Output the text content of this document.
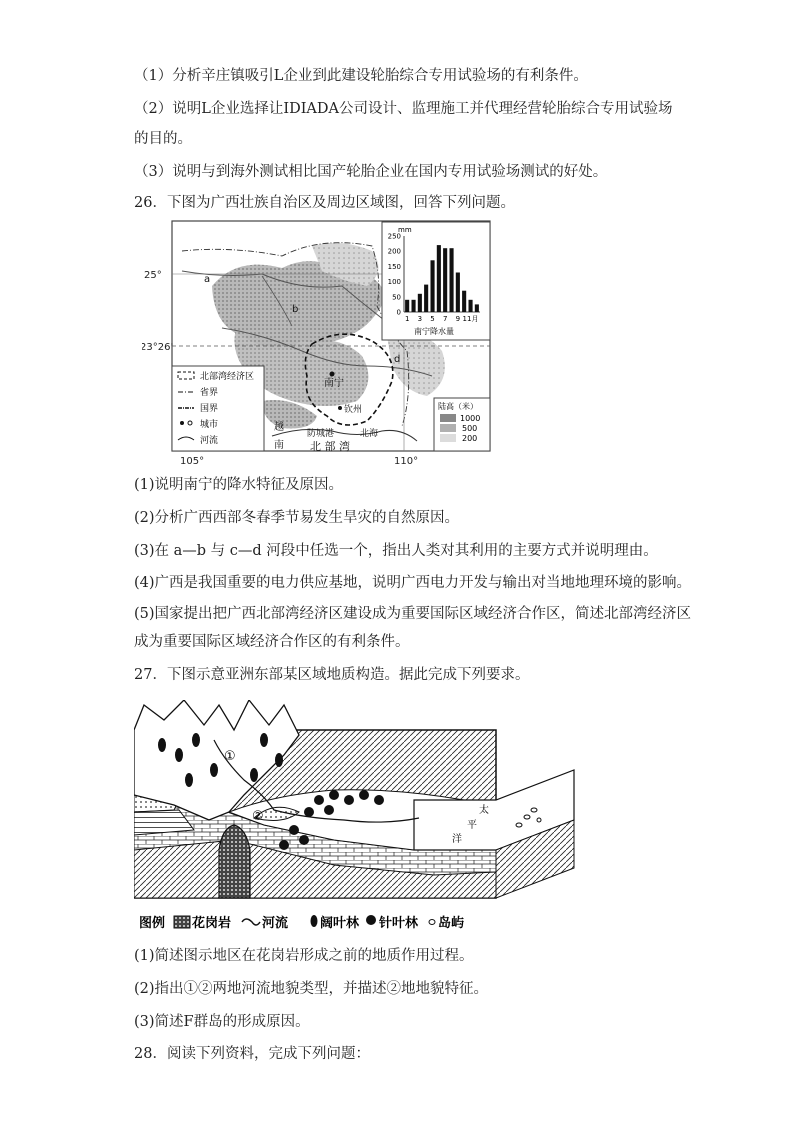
（1）分析辛庄镇吸引L企业到此建设轮胎综合专用试验场的有利条件。
（2）说明L企业选择让IDIADA公司设计、监理施工并代理经营轮胎综合专用试验场
的目的。
（3）说明与到海外测试相比国产轮胎企业在国内专用试验场测试的好处。
26．下图为广西壮族自治区及周边区域图，回答下列问题。
25°
23°26'
105°	110°
a
b
d
南宁
钦州
防城港	北海
越
南 北 部 湾
北部湾经济区
省界
国界
城市
河流
陆高（米）
1000
500
200
mm
250
200
150
100
50
0
1 3 5 7 9 11月
南宁降水量
(1)说明南宁的降水特征及原因。
(2)分析广西西部冬春季节易发生旱灾的自然原因。
(3)在 a—b 与 c—d 河段中任选一个，指出人类对其利用的主要方式并说明理由。
(4)广西是我国重要的电力供应基地，说明广西电力开发与输出对当地地理环境的影响。
(5)国家提出把广西北部湾经济区建设成为重要国际区域经济合作区，简述北部湾经济区
成为重要国际区域经济合作区的有利条件。
27．下图示意亚洲东部某区域地质构造。据此完成下列要求。
①
②	太
平
洋
图例 花岗岩 河流 阔叶林 针叶林 岛屿
(1)简述图示地区在花岗岩形成之前的地质作用过程。
(2)指出①②两地河流地貌类型，并描述②地地貌特征。
(3)简述F群岛的形成原因。
28．阅读下列资料，完成下列问题：
